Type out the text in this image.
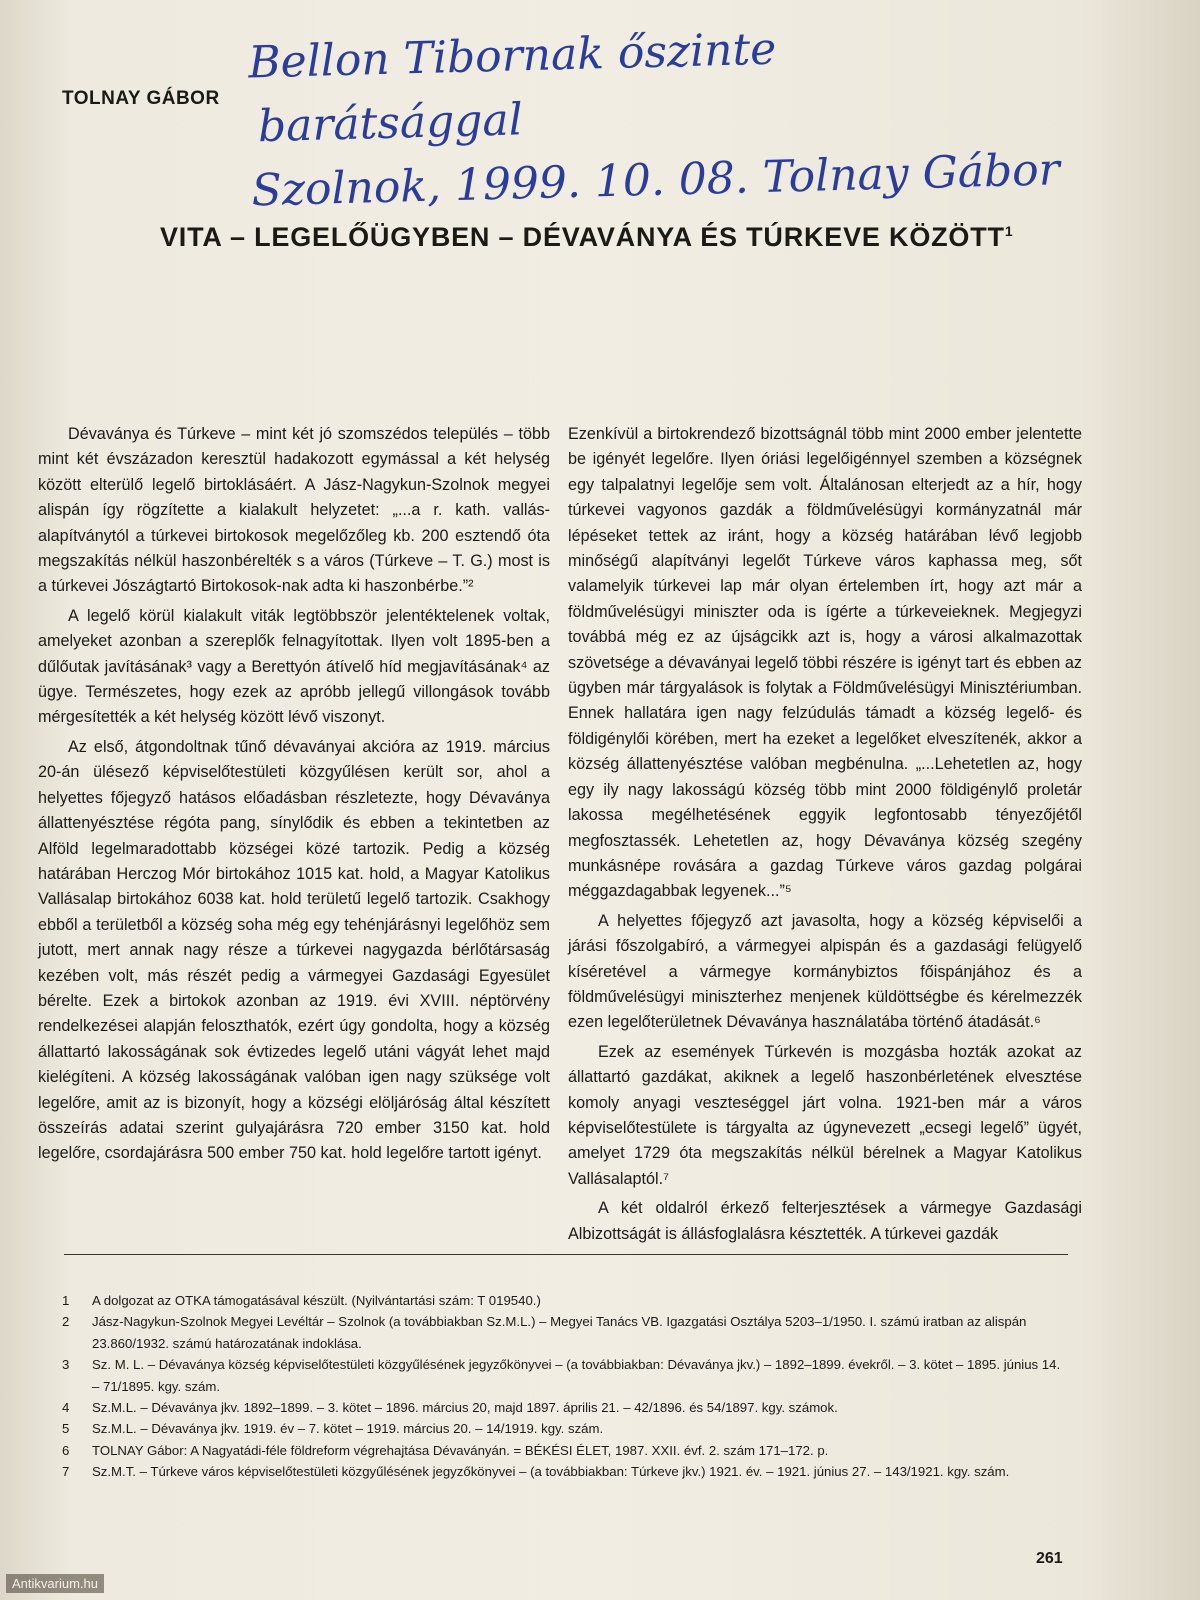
TOLNAY GÁBOR
Bellon Tibornak őszinte
barátsággal
Szolnok, 1999. 10. 08. Tolnay Gábor
VITA – LEGELŐÜGYBEN – DÉVAVÁNYA ÉS TÚRKEVE KÖZÖTT$^1$

Dévaványa és Túrkeve – mint két jó szomszédos település – több mint két évszázadon keresztül hadakozott egymással a két helység között elterülő legelő birtoklásáért. A Jász-Nagykun-Szolnok megyei alispán így rögzítette a kialakult helyzetet: „...a r. kath. vallás-alapítványtól a túrkevei birtokosok megelőzőleg kb. 200 esztendő óta megszakítás nélkül haszonbérelték s a város (Túrkeve – T. G.) most is a túrkevei Jószágtartó Birtokosok-nak adta ki haszonbérbe.”²

A legelő körül kialakult viták legtöbbször jelentéktelenek voltak, amelyeket azonban a szereplők felnagyítottak. Ilyen volt 1895-ben a dűlőutak javításának³ vagy a Berettyón átívelő híd megjavításának⁴ az ügye. Természetes, hogy ezek az apróbb jellegű villongások tovább mérgesítették a két helység között lévő viszonyt.

Az első, átgondoltnak tűnő dévaványai akcióra az 1919. március 20-án ülésező képviselőtestületi közgyűlésen került sor, ahol a helyettes főjegyző hatásos előadásban részletezte, hogy Dévaványa állattenyésztése régóta pang, sínylődik és ebben a tekintetben az Alföld legelmaradottabb községei közé tartozik. Pedig a község határában Herczog Mór birtokához 1015 kat. hold, a Magyar Katolikus Vallásalap birtokához 6038 kat. hold területű legelő tartozik. Csakhogy ebből a területből a község soha még egy tehénjárásnyi legelőhöz sem jutott, mert annak nagy része a túrkevei nagygazda bérlőtársaság kezében volt, más részét pedig a vármegyei Gazdasági Egyesület bérelte. Ezek a birtokok azonban az 1919. évi XVIII. néptörvény rendelkezései alapján feloszthatók, ezért úgy gondolta, hogy a község állattartó lakosságának sok évtizedes legelő utáni vágyát lehet majd kielégíteni. A község lakosságának valóban igen nagy szüksége volt legelőre, amit az is bizonyít, hogy a községi elöljáróság által készített összeírás adatai szerint gulyajárásra 720 ember 3150 kat. hold legelőre, csordajárásra 500 ember 750 kat. hold legelőre tartott igényt.

Ezenkívül a birtokrendező bizottságnál több mint 2000 ember jelentette be igényét legelőre. Ilyen óriási legelőigénnyel szemben a községnek egy talpalatnyi legelője sem volt. Általánosan elterjedt az a hír, hogy túrkevei vagyonos gazdák a földművelésügyi kormányzatnál már lépéseket tettek az iránt, hogy a község határában lévő legjobb minőségű alapítványi legelőt Túrkeve város kaphassa meg, sőt valamelyik túrkevei lap már olyan értelemben írt, hogy azt már a földművelésügyi miniszter oda is ígérte a túrkeveieknek. Megjegyzi továbbá még ez az újságcikk azt is, hogy a városi alkalmazottak szövetsége a dévaványai legelő többi részére is igényt tart és ebben az ügyben már tárgyalások is folytak a Földművelésügyi Minisztériumban. Ennek hallatára igen nagy felzúdulás támadt a község legelő- és földigénylői körében, mert ha ezeket a legelőket elveszítenék, akkor a község állattenyésztése valóban megbénulna. „...Lehetetlen az, hogy egy ily nagy lakosságú község több mint 2000 földigénylő proletár lakossa megélhetésének eggyik legfontosabb tényezőjétől megfosztassék. Lehetetlen az, hogy Dévaványa község szegény munkásnépe rovására a gazdag Túrkeve város gazdag polgárai méggazdagabbak legyenek...”⁵

A helyettes főjegyző azt javasolta, hogy a község képviselői a járási főszolgabíró, a vármegyei alpispán és a gazdasági felügyelő kíséretével a vármegye kormánybiztos főispánjához és a földművelésügyi miniszterhez menjenek küldöttségbe és kérelmezzék ezen legelőterületnek Dévaványa használatába történő átadását.⁶

Ezek az események Túrkevén is mozgásba hozták azokat az állattartó gazdákat, akiknek a legelő haszonbérletének elvesztése komoly anyagi veszteséggel járt volna. 1921-ben már a város képviselőtestülete is tárgyalta az úgynevezett „ecsegi legelő” ügyét, amelyet 1729 óta megszakítás nélkül bérelnek a Magyar Katolikus Vallásalaptól.⁷

A két oldalról érkező felterjesztések a vármegye Gazdasági Albizottságát is állásfoglalásra késztették. A túrkevei gazdák

1	A dolgozat az OTKA támogatásával készült. (Nyilvántartási szám: T 019540.)
2	Jász-Nagykun-Szolnok Megyei Levéltár – Szolnok (a továbbiakban Sz.M.L.) – Megyei Tanács VB. Igazgatási Osztálya 5203–1/1950. I. számú iratban az alispán 23.860/1932. számú határozatának indoklása.
3	Sz. M. L. – Dévaványa község képviselőtestületi közgyűlésének jegyzőkönyvei – (a továbbiakban: Dévaványa jkv.) – 1892–1899. évekről. – 3. kötet – 1895. június 14. – 71/1895. kgy. szám.
4	Sz.M.L. – Dévaványa jkv. 1892–1899. – 3. kötet – 1896. március 20, majd 1897. április 21. – 42/1896. és 54/1897. kgy. számok.
5	Sz.M.L. – Dévaványa jkv. 1919. év – 7. kötet – 1919. március 20. – 14/1919. kgy. szám.
6	TOLNAY Gábor: A Nagyatádi-féle földreform végrehajtása Dévaványán. = BÉKÉSI ÉLET, 1987. XXII. évf. 2. szám 171–172. p.
7	Sz.M.T. – Túrkeve város képviselőtestületi közgyűlésének jegyzőkönyvei – (a továbbiakban: Túrkeve jkv.) 1921. év. – 1921. június 27. – 143/1921. kgy. szám.
261
Antikvarium.hu
